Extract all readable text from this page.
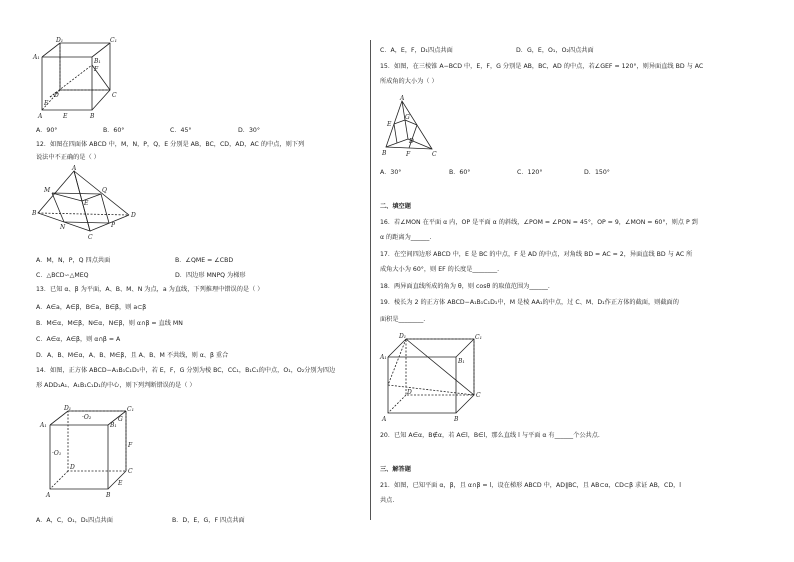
D₁	C₁
A₁
B₁
F
D	C
E
A	E	B
A．90°	B．60°	C．45°	D．30°
12．如图在四面体 ABCD 中，M，N，P，Q，E 分别是 AB，BC，CD，AD，AC 的中点，则下列
说法中不正确的是（ ）
A
M	Q
E
D
B
N	P
C
A．M，N，P，Q 四点共面	B．∠QME = ∠CBD
C．△BCD∽△MEQ	D．四边形 MNPQ 为梯形
13．已知 α、β 为平面，A、B、M、N 为点，a 为直线，下列推理中错误的是（ ）
A．A∈a，A∈β，B∈a，B∈β，则 a⊂β
B．M∈α，M∈β，N∈α，N∈β，则 α∩β = 直线 MN
C．A∈α，A∈β，则 α∩β = A
D．A、B、M∈α，A、B、M∈β，且 A、B、M 不共线，则 α、β 重合
14．如图，正方体 ABCD−A₁B₁C₁D₁中，若 E，F，G 分别为棱 BC，CC₁，B₁C₁的中点，O₁，O₂分别为四边
形 ADD₁A₁、A₁B₁C₁D₁的中心，则下列判断错误的是（ ）
D₁
·O₂
C₁
A₁	B₁
G
·O₁
F
D
C
E
A	B
A．A，C，O₁，D₁四点共面	B．D，E，G，F 四点共面
C．A，E，F，D₁四点共面	D．G，E，O₁，O₂四点共面
15．如图，在三棱锥 A−BCD 中，E，F，G 分别是 AB，BC，AD 的中点，若∠GEF = 120°，则异面直线 BD 与 AC
所成角的大小为（ ）
A
G
E
D
B	F	C
A．30°	B．60°	C．120°	D．150°
二、填空题
16．若∠MON 在平面 α 内，OP 是平面 α 的斜线，∠POM = ∠PON = 45°，OP = 9，∠MON = 60°，则点 P 到
α 的距离为______.
17．在空间四边形 ABCD 中，E 是 BC 的中点，F 是 AD 的中点，对角线 BD = AC = 2，异面直线 BD 与 AC 所
成角大小为 60°，则 EF 的长度是________.
18．两异面直线所成的角为 θ，则 cosθ 的取值范围为______.
19．棱长为 2 的正方体 ABCD−A₁B₁C₁D₁中，M 是棱 AA₁的中点，过 C、M、D₁作正方体的截面，则截面的
面积是________.
D₁	C₁
A₁
B₁
D	C
A	B
20．已知 A∈α，B∉α，若 A∈l，B∈l，那么直线 l 与平面 α 有______个公共点.
三、解答题
21．如图，已知平面 α，β，且 α∩β = l，设在梯形 ABCD 中，AD∥BC，且 AB⊂α，CD⊂β 求证 AB，CD，l
共点.
